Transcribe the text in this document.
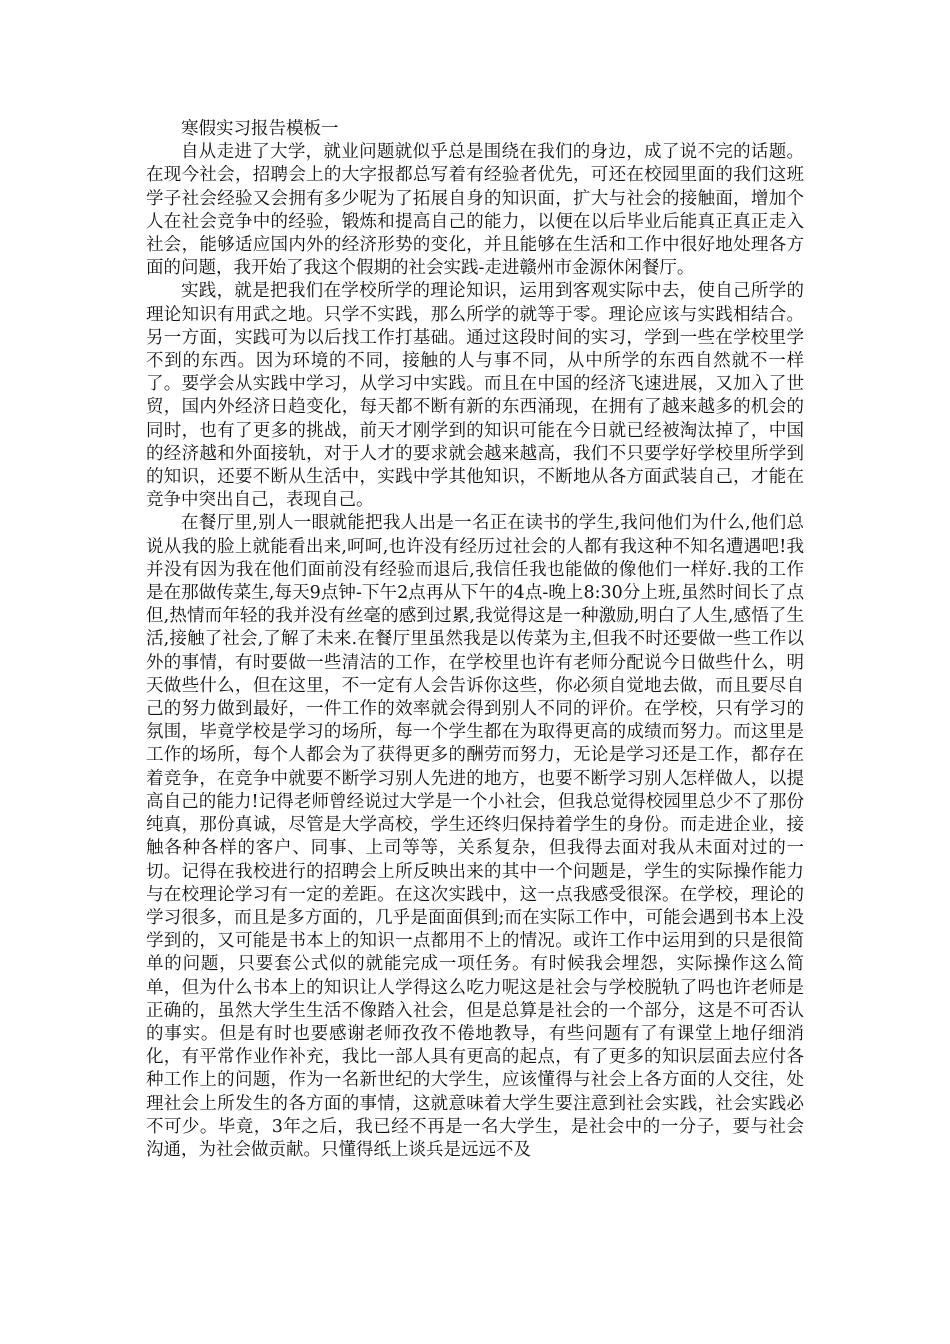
寒假实习报告模板一

自从走进了大学，就业问题就似乎总是围绕在我们的身边，成了说不完的话题。在现今社会，招聘会上的大字报都总写着有经验者优先，可还在校园里面的我们这班学子社会经验又会拥有多少呢为了拓展自身的知识面，扩大与社会的接触面，增加个人在社会竞争中的经验，锻炼和提高自己的能力，以便在以后毕业后能真正真正走入社会，能够适应国内外的经济形势的变化，并且能够在生活和工作中很好地处理各方面的问题，我开始了我这个假期的社会实践-走进赣州市金源休闲餐厅。

实践，就是把我们在学校所学的理论知识，运用到客观实际中去，使自己所学的理论知识有用武之地。只学不实践，那么所学的就等于零。理论应该与实践相结合。另一方面，实践可为以后找工作打基础。通过这段时间的实习，学到一些在学校里学不到的东西。因为环境的不同，接触的人与事不同，从中所学的东西自然就不一样了。要学会从实践中学习，从学习中实践。而且在中国的经济飞速进展，又加入了世贸，国内外经济日趋变化，每天都不断有新的东西涌现，在拥有了越来越多的机会的同时，也有了更多的挑战，前天才刚学到的知识可能在今日就已经被淘汰掉了，中国的经济越和外面接轨，对于人才的要求就会越来越高，我们不只要学好学校里所学到的知识，还要不断从生活中，实践中学其他知识，不断地从各方面武装自己，才能在竞争中突出自己，表现自己。

在餐厅里,别人一眼就能把我人出是一名正在读书的学生,我问他们为什么,他们总说从我的脸上就能看出来,呵呵,也许没有经历过社会的人都有我这种不知名遭遇吧!我并没有因为我在他们面前没有经验而退后,我信任我也能做的像他们一样好.我的工作是在那做传菜生,每天9点钟-下午2点再从下午的4点-晚上8:30分上班,虽然时间长了点但,热情而年轻的我并没有丝毫的感到过累,我觉得这是一种激励,明白了人生,感悟了生活,接触了社会,了解了未来.在餐厅里虽然我是以传菜为主,但我不时还要做一些工作以外的事情，有时要做一些清洁的工作，在学校里也许有老师分配说今日做些什么，明天做些什么，但在这里，不一定有人会告诉你这些，你必须自觉地去做，而且要尽自己的努力做到最好，一件工作的效率就会得到别人不同的评价。在学校，只有学习的氛围，毕竟学校是学习的场所，每一个学生都在为取得更高的成绩而努力。而这里是工作的场所，每个人都会为了获得更多的酬劳而努力，无论是学习还是工作，都存在着竞争，在竞争中就要不断学习别人先进的地方，也要不断学习别人怎样做人，以提高自己的能力!记得老师曾经说过大学是一个小社会，但我总觉得校园里总少不了那份纯真，那份真诚，尽管是大学高校，学生还终归保持着学生的身份。而走进企业，接触各种各样的客户、同事、上司等等，关系复杂，但我得去面对我从未面对过的一切。记得在我校进行的招聘会上所反映出来的其中一个问题是，学生的实际操作能力与在校理论学习有一定的差距。在这次实践中，这一点我感受很深。在学校，理论的学习很多，而且是多方面的，几乎是面面俱到;而在实际工作中，可能会遇到书本上没学到的，又可能是书本上的知识一点都用不上的情况。或许工作中运用到的只是很简单的问题，只要套公式似的就能完成一项任务。有时候我会埋怨，实际操作这么简单，但为什么书本上的知识让人学得这么吃力呢这是社会与学校脱轨了吗也许老师是正确的，虽然大学生生活不像踏入社会，但是总算是社会的一个部分，这是不可否认的事实。但是有时也要感谢老师孜孜不倦地教导，有些问题有了有课堂上地仔细消化，有平常作业作补充，我比一部人具有更高的起点，有了更多的知识层面去应付各种工作上的问题，作为一名新世纪的大学生，应该懂得与社会上各方面的人交往，处理社会上所发生的各方面的事情，这就意味着大学生要注意到社会实践，社会实践必不可少。毕竟，3年之后，我已经不再是一名大学生，是社会中的一分子，要与社会沟通，为社会做贡献。只懂得纸上谈兵是远远不及
